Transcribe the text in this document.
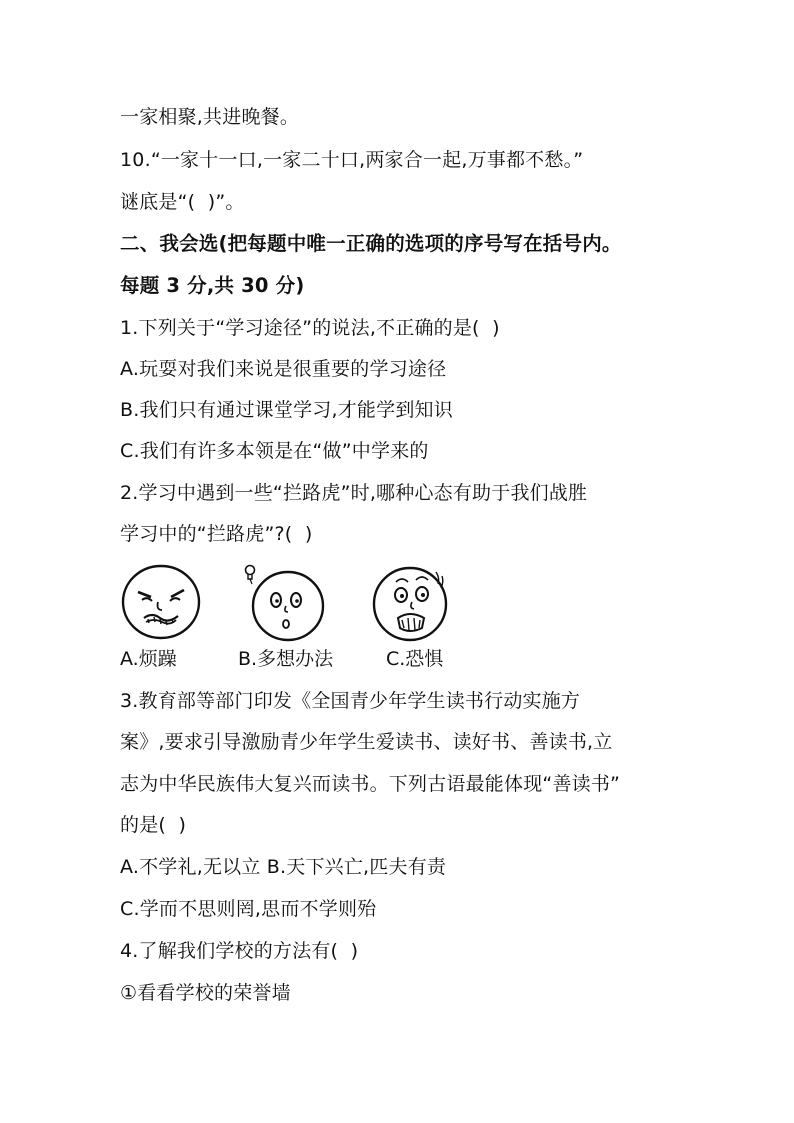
一家相聚,共进晚餐。
10.“一家十一口,一家二十口,两家合一起,万事都不愁。”
谜底是“(  )”。
二、我会选(把每题中唯一正确的选项的序号写在括号内。
每题 3 分,共 30 分)
1.下列关于“学习途径”的说法,不正确的是(  )
A.玩耍对我们来说是很重要的学习途径
B.我们只有通过课堂学习,才能学到知识
C.我们有许多本领是在“做”中学来的
2.学习中遇到一些“拦路虎”时,哪种心态有助于我们战胜
学习中的“拦路虎”?(  )
A.烦躁	B.多想办法	C.恐惧
3.教育部等部门印发《全国青少年学生读书行动实施方
案》,要求引导激励青少年学生爱读书、读好书、善读书,立
志为中华民族伟大复兴而读书。下列古语最能体现“善读书”
的是(  )
A.不学礼,无以立 B.天下兴亡,匹夫有责
C.学而不思则罔,思而不学则殆
4.了解我们学校的方法有(  )
①看看学校的荣誉墙
